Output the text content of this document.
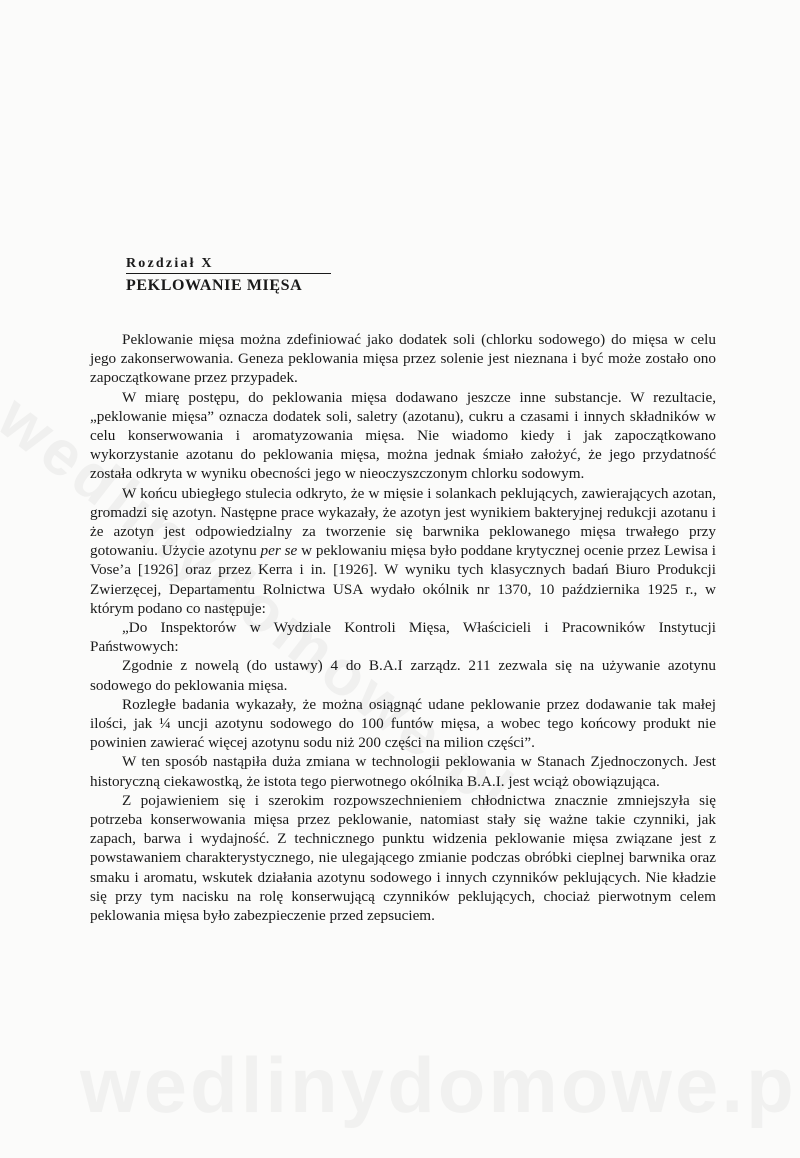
Rozdział X
PEKLOWANIE MIĘSA

Peklowanie mięsa można zdefiniować jako dodatek soli (chlorku sodowego) do mięsa w celu jego zakonserwowania. Geneza peklowania mięsa przez solenie jest nieznana i być może zostało ono zapoczątkowane przez przypadek.

W miarę postępu, do peklowania mięsa dodawano jeszcze inne substancje. W rezultacie, „peklowanie mięsa” oznacza dodatek soli, saletry (azotanu), cukru a czasami i innych składników w celu konserwowania i aromatyzowania mięsa. Nie wiadomo kiedy i jak zapoczątkowano wykorzystanie azotanu do peklowania mięsa, można jednak śmiało założyć, że jego przydatność została odkryta w wyniku obecności jego w nieoczyszczonym chlorku sodowym.

W końcu ubiegłego stulecia odkryto, że w mięsie i solankach peklujących, zawierających azotan, gromadzi się azotyn. Następne prace wykazały, że azotyn jest wynikiem bakteryjnej redukcji azotanu i że azotyn jest odpowiedzialny za tworzenie się barwnika peklowanego mięsa trwałego przy gotowaniu. Użycie azotynu per se w peklowaniu mięsa było poddane krytycznej ocenie przez Lewisa i Vose’a [1926] oraz przez Kerra i in. [1926]. W wyniku tych klasycznych badań Biuro Produkcji Zwierzęcej, Departamentu Rolnictwa USA wydało okólnik nr 1370, 10 października 1925 r., w którym podano co następuje:

„Do Inspektorów w Wydziale Kontroli Mięsa, Właścicieli i Pracowników Instytucji Państwowych:

Zgodnie z nowelą (do ustawy) 4 do B.A.I zarządz. 211 zezwala się na używanie azotynu sodowego do peklowania mięsa.

Rozległe badania wykazały, że można osiągnąć udane peklowanie przez dodawanie tak małej ilości, jak ¼ uncji azotynu sodowego do 100 funtów mięsa, a wobec tego końcowy produkt nie powinien zawierać więcej azotynu sodu niż 200 części na milion części”.

W ten sposób nastąpiła duża zmiana w technologii peklowania w Stanach Zjednoczonych. Jest historyczną ciekawostką, że istota tego pierwotnego okólnika B.A.I. jest wciąż obowiązująca.

Z pojawieniem się i szerokim rozpowszechnieniem chłodnictwa znacznie zmniejszyła się potrzeba konserwowania mięsa przez peklowanie, natomiast stały się ważne takie czynniki, jak zapach, barwa i wydajność. Z technicznego punktu widzenia peklowanie mięsa związane jest z powstawaniem charakterystycznego, nie ulegającego zmianie podczas obróbki cieplnej barwnika oraz smaku i aromatu, wskutek działania azotynu sodowego i innych czynników peklujących. Nie kładzie się przy tym nacisku na rolę konserwującą czynników peklujących, chociaż pierwotnym celem peklowania mięsa było zabezpieczenie przed zepsuciem.
